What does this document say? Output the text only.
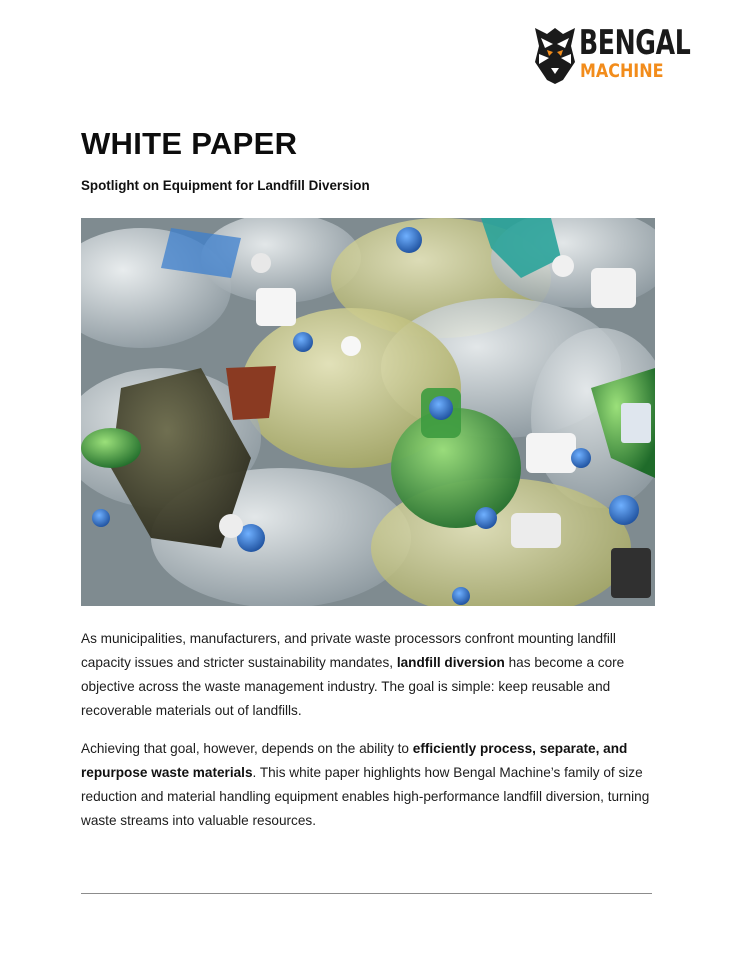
BENGAL
MACHINE
WHITE PAPER

Spotlight on Equipment for Landfill Diversion

As municipalities, manufacturers, and private waste processors confront mounting landfill capacity issues and stricter sustainability mandates, landfill diversion has become a core objective across the waste management industry. The goal is simple: keep reusable and recoverable materials out of landfills.

Achieving that goal, however, depends on the ability to efficiently process, separate, and repurpose waste materials. This white paper highlights how Bengal Machine’s family of size reduction and material handling equipment enables high-performance landfill diversion, turning waste streams into valuable resources.
